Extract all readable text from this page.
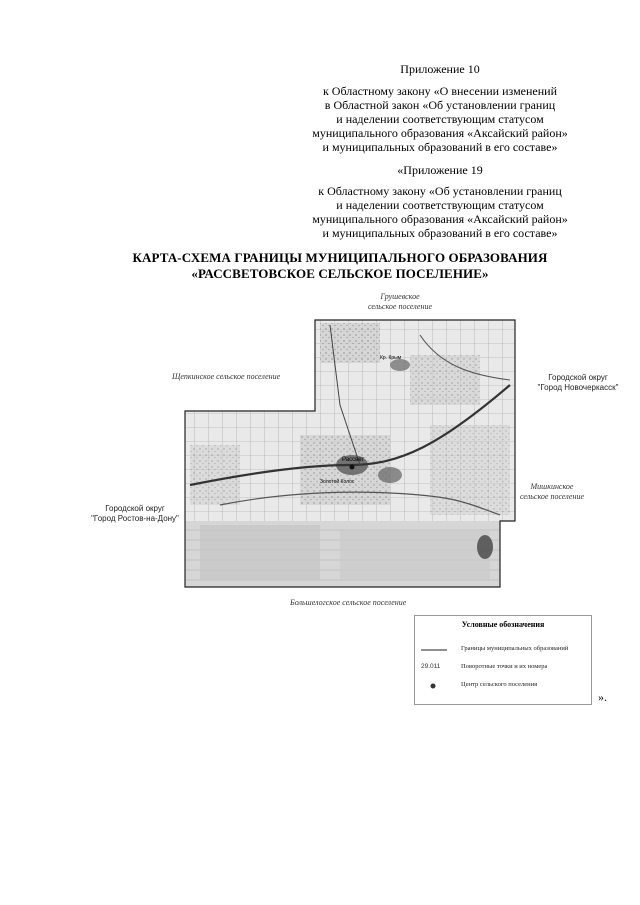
Приложение 10
к Областному закону «О внесении изменений
в Областной закон «Об установлении границ
и наделении соответствующим статусом
муниципального образования «Аксайский район»
и муниципальных образований в его составе»
«Приложение 19
к Областному закону «Об установлении границ
и наделении соответствующим статусом
муниципального образования «Аксайский район»
и муниципальных образований в его составе»
КАРТА-СХЕМА ГРАНИЦЫ МУНИЦИПАЛЬНОГО ОБРАЗОВАНИЯ
«РАССВЕТОВСКОЕ СЕЛЬСКОЕ ПОСЕЛЕНИЕ»
Рассвет
Кр. Крым
Золотой Колос
Грушевское
сельское поселение
Щепкинское сельское поселение	Городской округ
"Город Новочеркасск"
Мишкинское
сельское поселение
Городской округ
"Город Ростов-на-Дону"
Большелогское сельское поселение
Условные обозначения
Границы муниципальных образований
29.011	Поворотные точки и их номера
Центр сельского поселения
».
